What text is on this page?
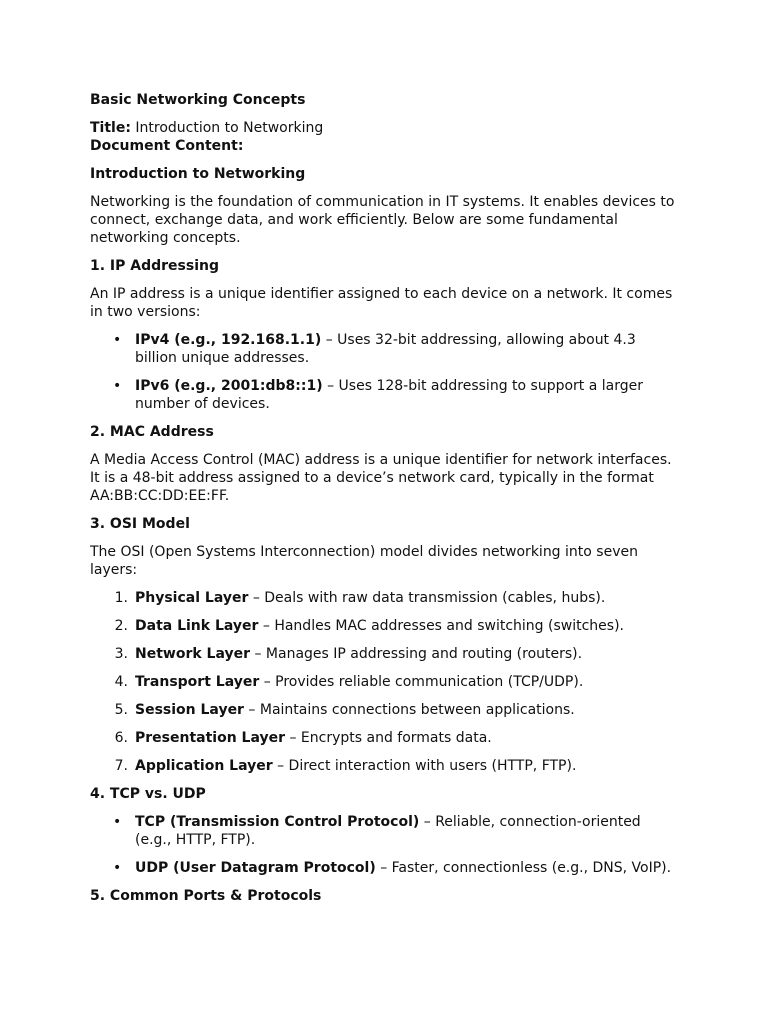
Basic Networking Concepts

Title: Introduction to Networking

Document Content:

Introduction to Networking

Networking is the foundation of communication in IT systems. It enables devices to connect, exchange data, and work efficiently. Below are some fundamental networking concepts.

1. IP Addressing

An IP address is a unique identifier assigned to each device on a network. It comes in two versions:

• IPv4 (e.g., 192.168.1.1) – Uses 32-bit addressing, allowing about 4.3 billion unique addresses.
• IPv6 (e.g., 2001:db8::1) – Uses 128-bit addressing to support a larger number of devices.

2. MAC Address

A Media Access Control (MAC) address is a unique identifier for network interfaces. It is a 48-bit address assigned to a device’s network card, typically in the format AA:BB:CC:DD:EE:FF.

3. OSI Model

The OSI (Open Systems Interconnection) model divides networking into seven layers:

1. Physical Layer – Deals with raw data transmission (cables, hubs).
2. Data Link Layer – Handles MAC addresses and switching (switches).
3. Network Layer – Manages IP addressing and routing (routers).
4. Transport Layer – Provides reliable communication (TCP/UDP).
5. Session Layer – Maintains connections between applications.
6. Presentation Layer – Encrypts and formats data.
7. Application Layer – Direct interaction with users (HTTP, FTP).

4. TCP vs. UDP

• TCP (Transmission Control Protocol) – Reliable, connection-oriented (e.g., HTTP, FTP).
• UDP (User Datagram Protocol) – Faster, connectionless (e.g., DNS, VoIP).

5. Common Ports & Protocols
